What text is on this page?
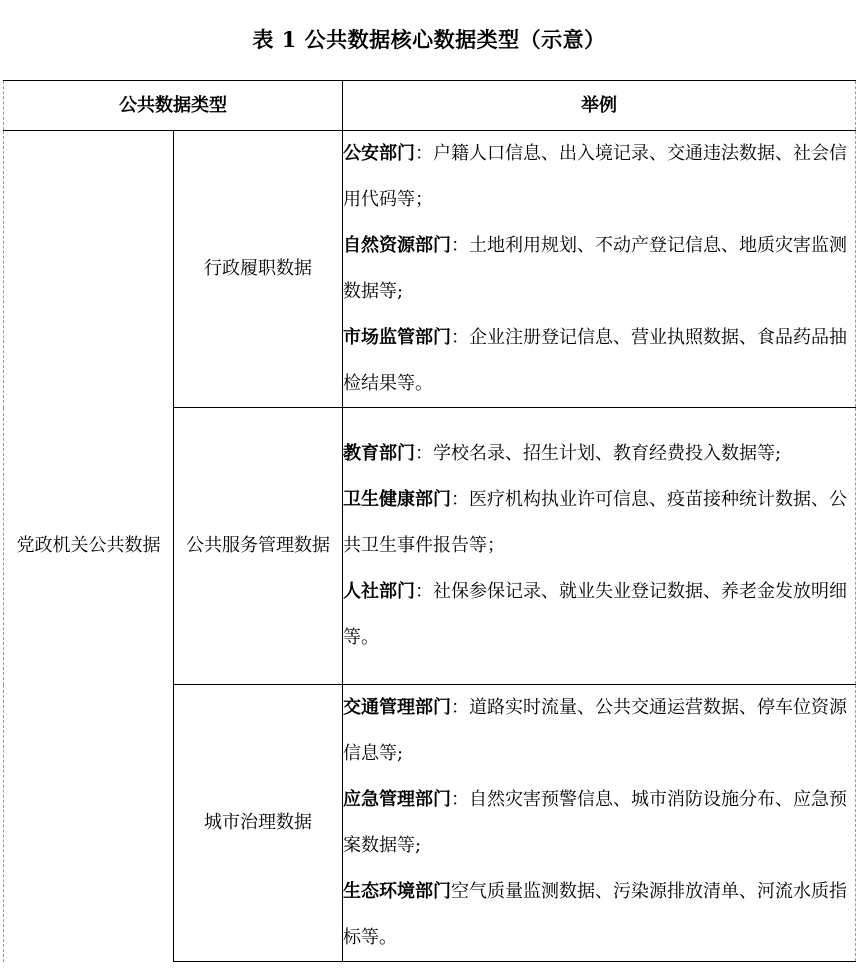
表 1 公共数据核心数据类型（示意）
公共数据类型		举例
党政机关公共数据	行政履职数据	公安部门：户籍人口信息、出入境记录、交通违法数据、社会信用代码等；
自然资源部门：土地利用规划、不动产登记信息、地质灾害监测数据等;
市场监管部门：企业注册登记信息、营业执照数据、食品药品抽检结果等。

	公共服务管理数据	教育部门：学校名录、招生计划、教育经费投入数据等;
卫生健康部门：医疗机构执业许可信息、疫苗接种统计数据、公共卫生事件报告等；
人社部门：社保参保记录、就业失业登记数据、养老金发放明细等。

	城市治理数据	交通管理部门：道路实时流量、公共交通运营数据、停车位资源信息等;
应急管理部门：自然灾害预警信息、城市消防设施分布、应急预案数据等;
生态环境部门空气质量监测数据、污染源排放清单、河流水质指标等。
